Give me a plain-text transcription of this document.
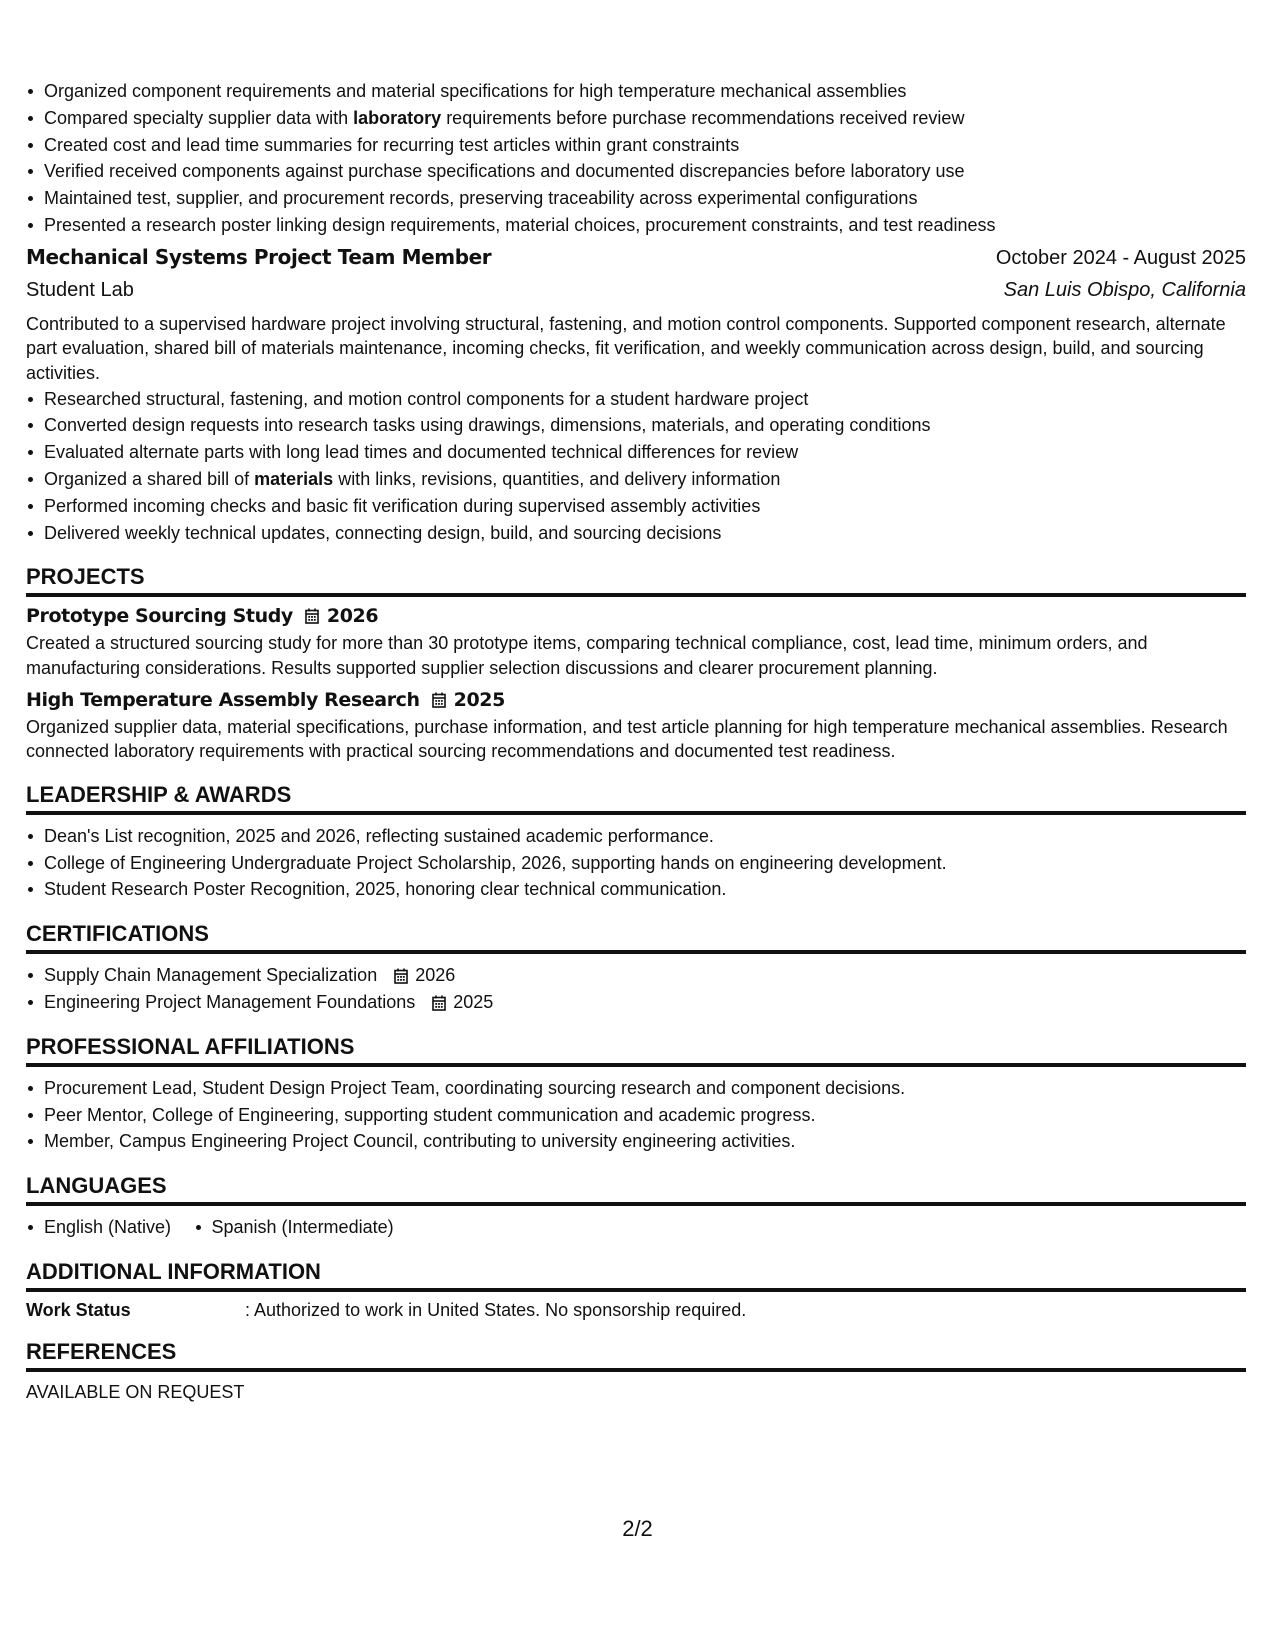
Organized component requirements and material specifications for high temperature mechanical assemblies
Compared specialty supplier data with laboratory requirements before purchase recommendations received review
Created cost and lead time summaries for recurring test articles within grant constraints
Verified received components against purchase specifications and documented discrepancies before laboratory use
Maintained test, supplier, and procurement records, preserving traceability across experimental configurations
Presented a research poster linking design requirements, material choices, procurement constraints, and test readiness
Mechanical Systems Project Team Member	October 2024 - August 2025
Student Lab	San Luis Obispo, California
Contributed to a supervised hardware project involving structural, fastening, and motion control components. Supported component research, alternate part evaluation, shared bill of materials maintenance, incoming checks, fit verification, and weekly communication across design, build, and sourcing activities.
Researched structural, fastening, and motion control components for a student hardware project
Converted design requests into research tasks using drawings, dimensions, materials, and operating conditions
Evaluated alternate parts with long lead times and documented technical differences for review
Organized a shared bill of materials with links, revisions, quantities, and delivery information
Performed incoming checks and basic fit verification during supervised assembly activities
Delivered weekly technical updates, connecting design, build, and sourcing decisions
PROJECTS
Prototype Sourcing Study 2026
Created a structured sourcing study for more than 30 prototype items, comparing technical compliance, cost, lead time, minimum orders, and manufacturing considerations. Results supported supplier selection discussions and clearer procurement planning.
High Temperature Assembly Research 2025
Organized supplier data, material specifications, purchase information, and test article planning for high temperature mechanical assemblies. Research connected laboratory requirements with practical sourcing recommendations and documented test readiness.
LEADERSHIP & AWARDS
Dean's List recognition, 2025 and 2026, reflecting sustained academic performance.
College of Engineering Undergraduate Project Scholarship, 2026, supporting hands on engineering development.
Student Research Poster Recognition, 2025, honoring clear technical communication.
CERTIFICATIONS
Supply Chain Management Specialization 2026
Engineering Project Management Foundations 2025
PROFESSIONAL AFFILIATIONS
Procurement Lead, Student Design Project Team, coordinating sourcing research and component decisions.
Peer Mentor, College of Engineering, supporting student communication and academic progress.
Member, Campus Engineering Project Council, contributing to university engineering activities.
LANGUAGES
English (Native) Spanish (Intermediate)
ADDITIONAL INFORMATION
Work Status	: Authorized to work in United States. No sponsorship required.
REFERENCES
AVAILABLE ON REQUEST
2/2
